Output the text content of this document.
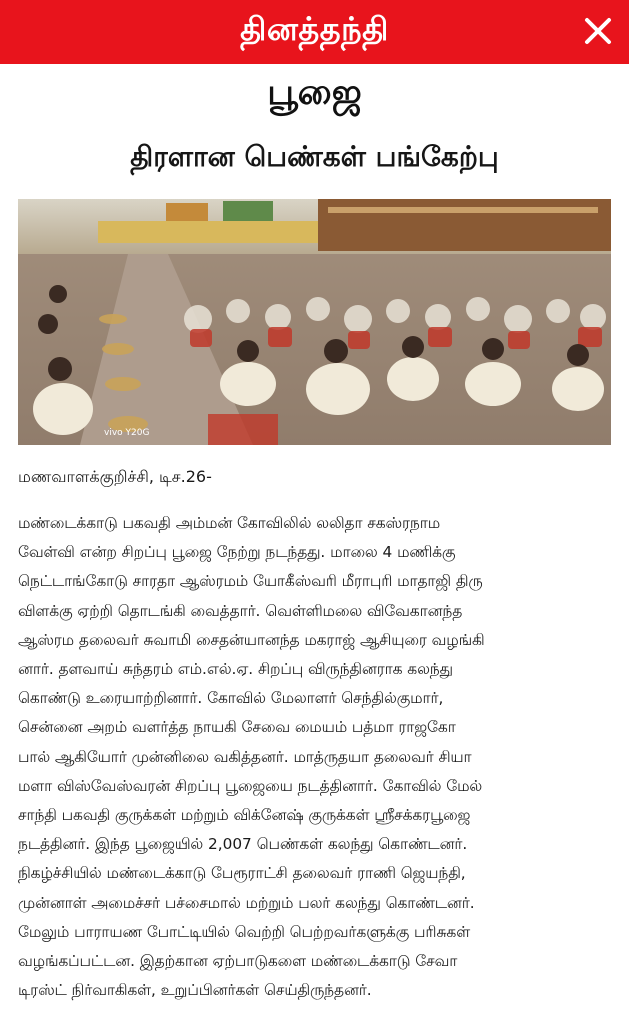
தினத்தந்தி
பூஜை
திரளான பெண்கள் பங்கேற்பு
vivo Y20G
மணவாளக்குறிச்சி, டிச.26-
மண்டைக்காடு பகவதி அம்மன் கோவிலில் லலிதா சகஸ்ரநாம
வேள்வி என்ற சிறப்பு பூஜை நேற்று நடந்தது. மாலை 4 மணிக்கு
நெட்டாங்கோடு சாரதா ஆஸ்ரமம் யோகீஸ்வரி மீராபுரி மாதாஜி திரு
விளக்கு ஏற்றி தொடங்கி வைத்தார். வெள்ளிமலை விவேகானந்த
ஆஸ்ரம தலைவர் சுவாமி சைதன்யானந்த மகராஜ் ஆசியுரை வழங்கி
னார். தளவாய் சுந்தரம் எம்.எல்.ஏ. சிறப்பு விருந்தினராக கலந்து
கொண்டு உரையாற்றினார். கோவில் மேலாளர் செந்தில்குமார்,
சென்னை அறம் வளர்த்த நாயகி சேவை மையம் பத்மா ராஜகோ
பால் ஆகியோர் முன்னிலை வகித்தனர். மாத்ருதயா தலைவர் சியா
மளா விஸ்வேஸ்வரன் சிறப்பு பூஜையை நடத்தினார். கோவில் மேல்
சாந்தி பகவதி குருக்கள் மற்றும் விக்னேஷ் குருக்கள் ஸ்ரீசக்கரபூஜை
நடத்தினர். இந்த பூஜையில் 2,007 பெண்கள் கலந்து கொண்டனர்.
நிகழ்ச்சியில் மண்டைக்காடு பேரூராட்சி தலைவர் ராணி ஜெயந்தி,
முன்னாள் அமைச்சர் பச்சைமால் மற்றும் பலர் கலந்து கொண்டனர்.
மேலும் பாராயண போட்டியில் வெற்றி பெற்றவர்களுக்கு பரிசுகள்
வழங்கப்பட்டன. இதற்கான ஏற்பாடுகளை மண்டைக்காடு சேவா
டிரஸ்ட் நிர்வாகிகள், உறுப்பினர்கள் செய்திருந்தனர்.
